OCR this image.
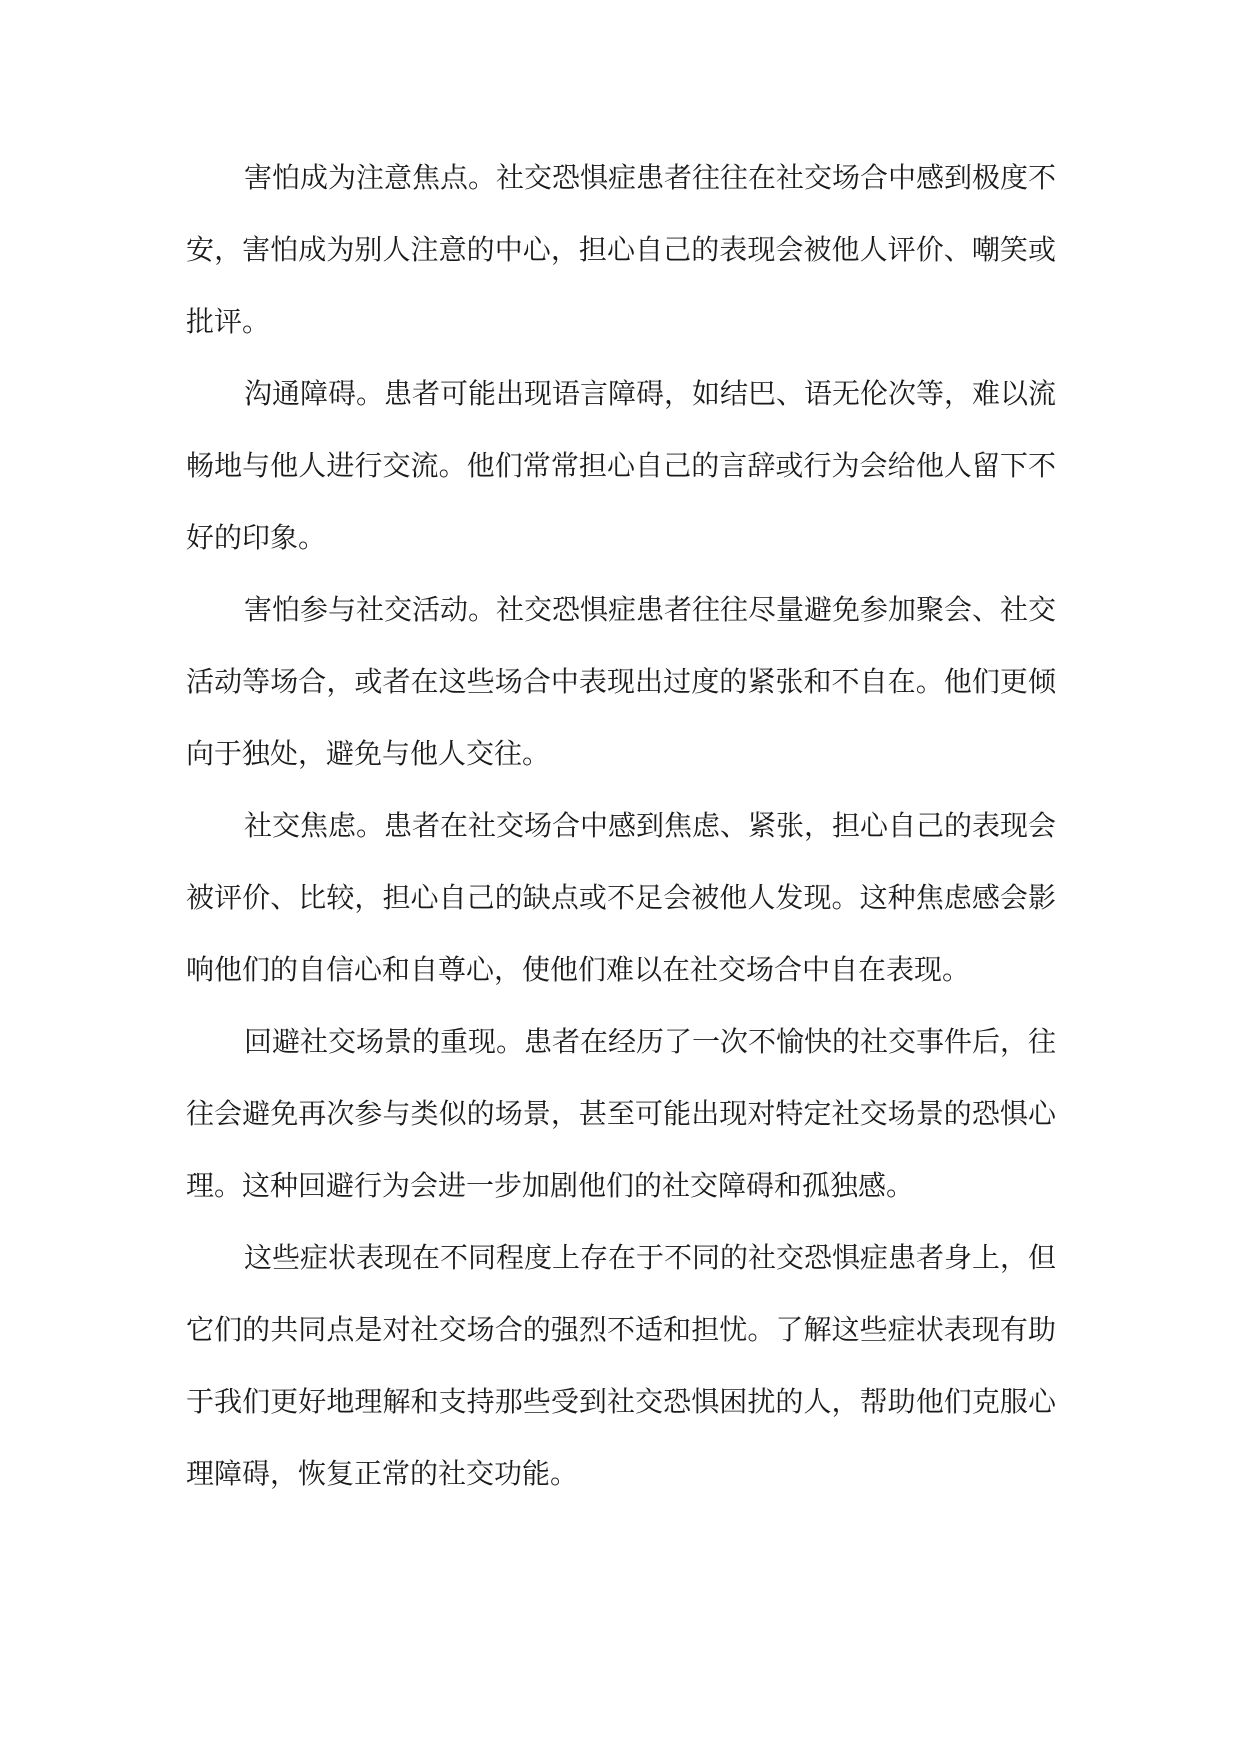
害怕成为注意焦点。社交恐惧症患者往往在社交场合中感到极度不安，害怕成为别人注意的中心，担心自己的表现会被他人评价、嘲笑或批评。

沟通障碍。患者可能出现语言障碍，如结巴、语无伦次等，难以流畅地与他人进行交流。他们常常担心自己的言辞或行为会给他人留下不好的印象。

害怕参与社交活动。社交恐惧症患者往往尽量避免参加聚会、社交活动等场合，或者在这些场合中表现出过度的紧张和不自在。他们更倾向于独处，避免与他人交往。

社交焦虑。患者在社交场合中感到焦虑、紧张，担心自己的表现会被评价、比较，担心自己的缺点或不足会被他人发现。这种焦虑感会影响他们的自信心和自尊心，使他们难以在社交场合中自在表现。

回避社交场景的重现。患者在经历了一次不愉快的社交事件后，往往会避免再次参与类似的场景，甚至可能出现对特定社交场景的恐惧心理。这种回避行为会进一步加剧他们的社交障碍和孤独感。

这些症状表现在不同程度上存在于不同的社交恐惧症患者身上，但它们的共同点是对社交场合的强烈不适和担忧。了解这些症状表现有助于我们更好地理解和支持那些受到社交恐惧困扰的人，帮助他们克服心理障碍，恢复正常的社交功能。
